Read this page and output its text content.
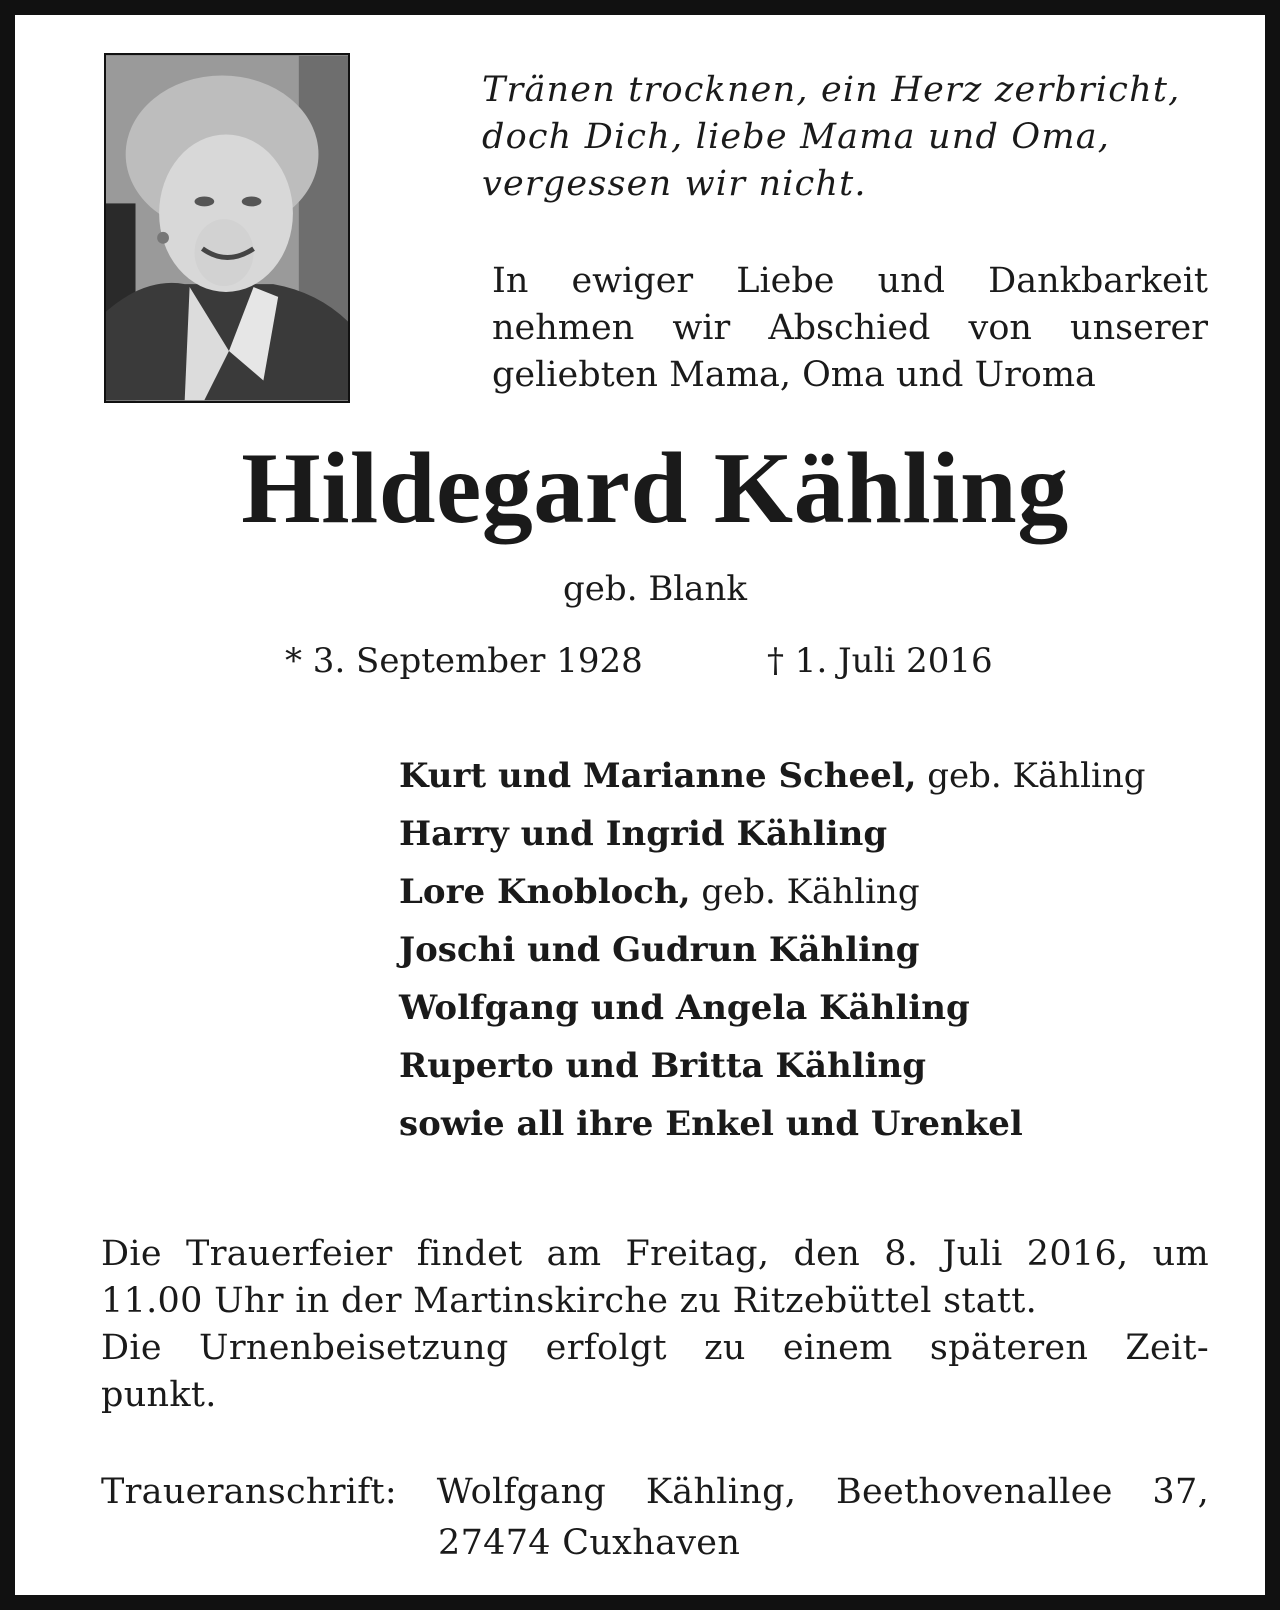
Tränen trocknen, ein Herz zerbricht,
doch Dich, liebe Mama und Oma,
vergessen wir nicht.
In ewiger Liebe und Dankbarkeit
nehmen wir Abschied von unserer
geliebten Mama, Oma und Uroma
Hildegard Kähling
geb. Blank
* 3. September 1928	† 1. Juli 2016
Kurt und Marianne Scheel, geb. Kähling
Harry und Ingrid Kähling
Lore Knobloch, geb. Kähling
Joschi und Gudrun Kähling
Wolfgang und Angela Kähling
Ruperto und Britta Kähling
sowie all ihre Enkel und Urenkel
Die Trauerfeier findet am Freitag, den 8. Juli 2016, um
11.00 Uhr in der Martinskirche zu Ritzebüttel statt.
Die Urnenbeisetzung erfolgt zu einem späteren Zeit-
punkt.
Traueranschrift: Wolfgang Kähling, Beethovenallee 37,
27474 Cuxhaven
